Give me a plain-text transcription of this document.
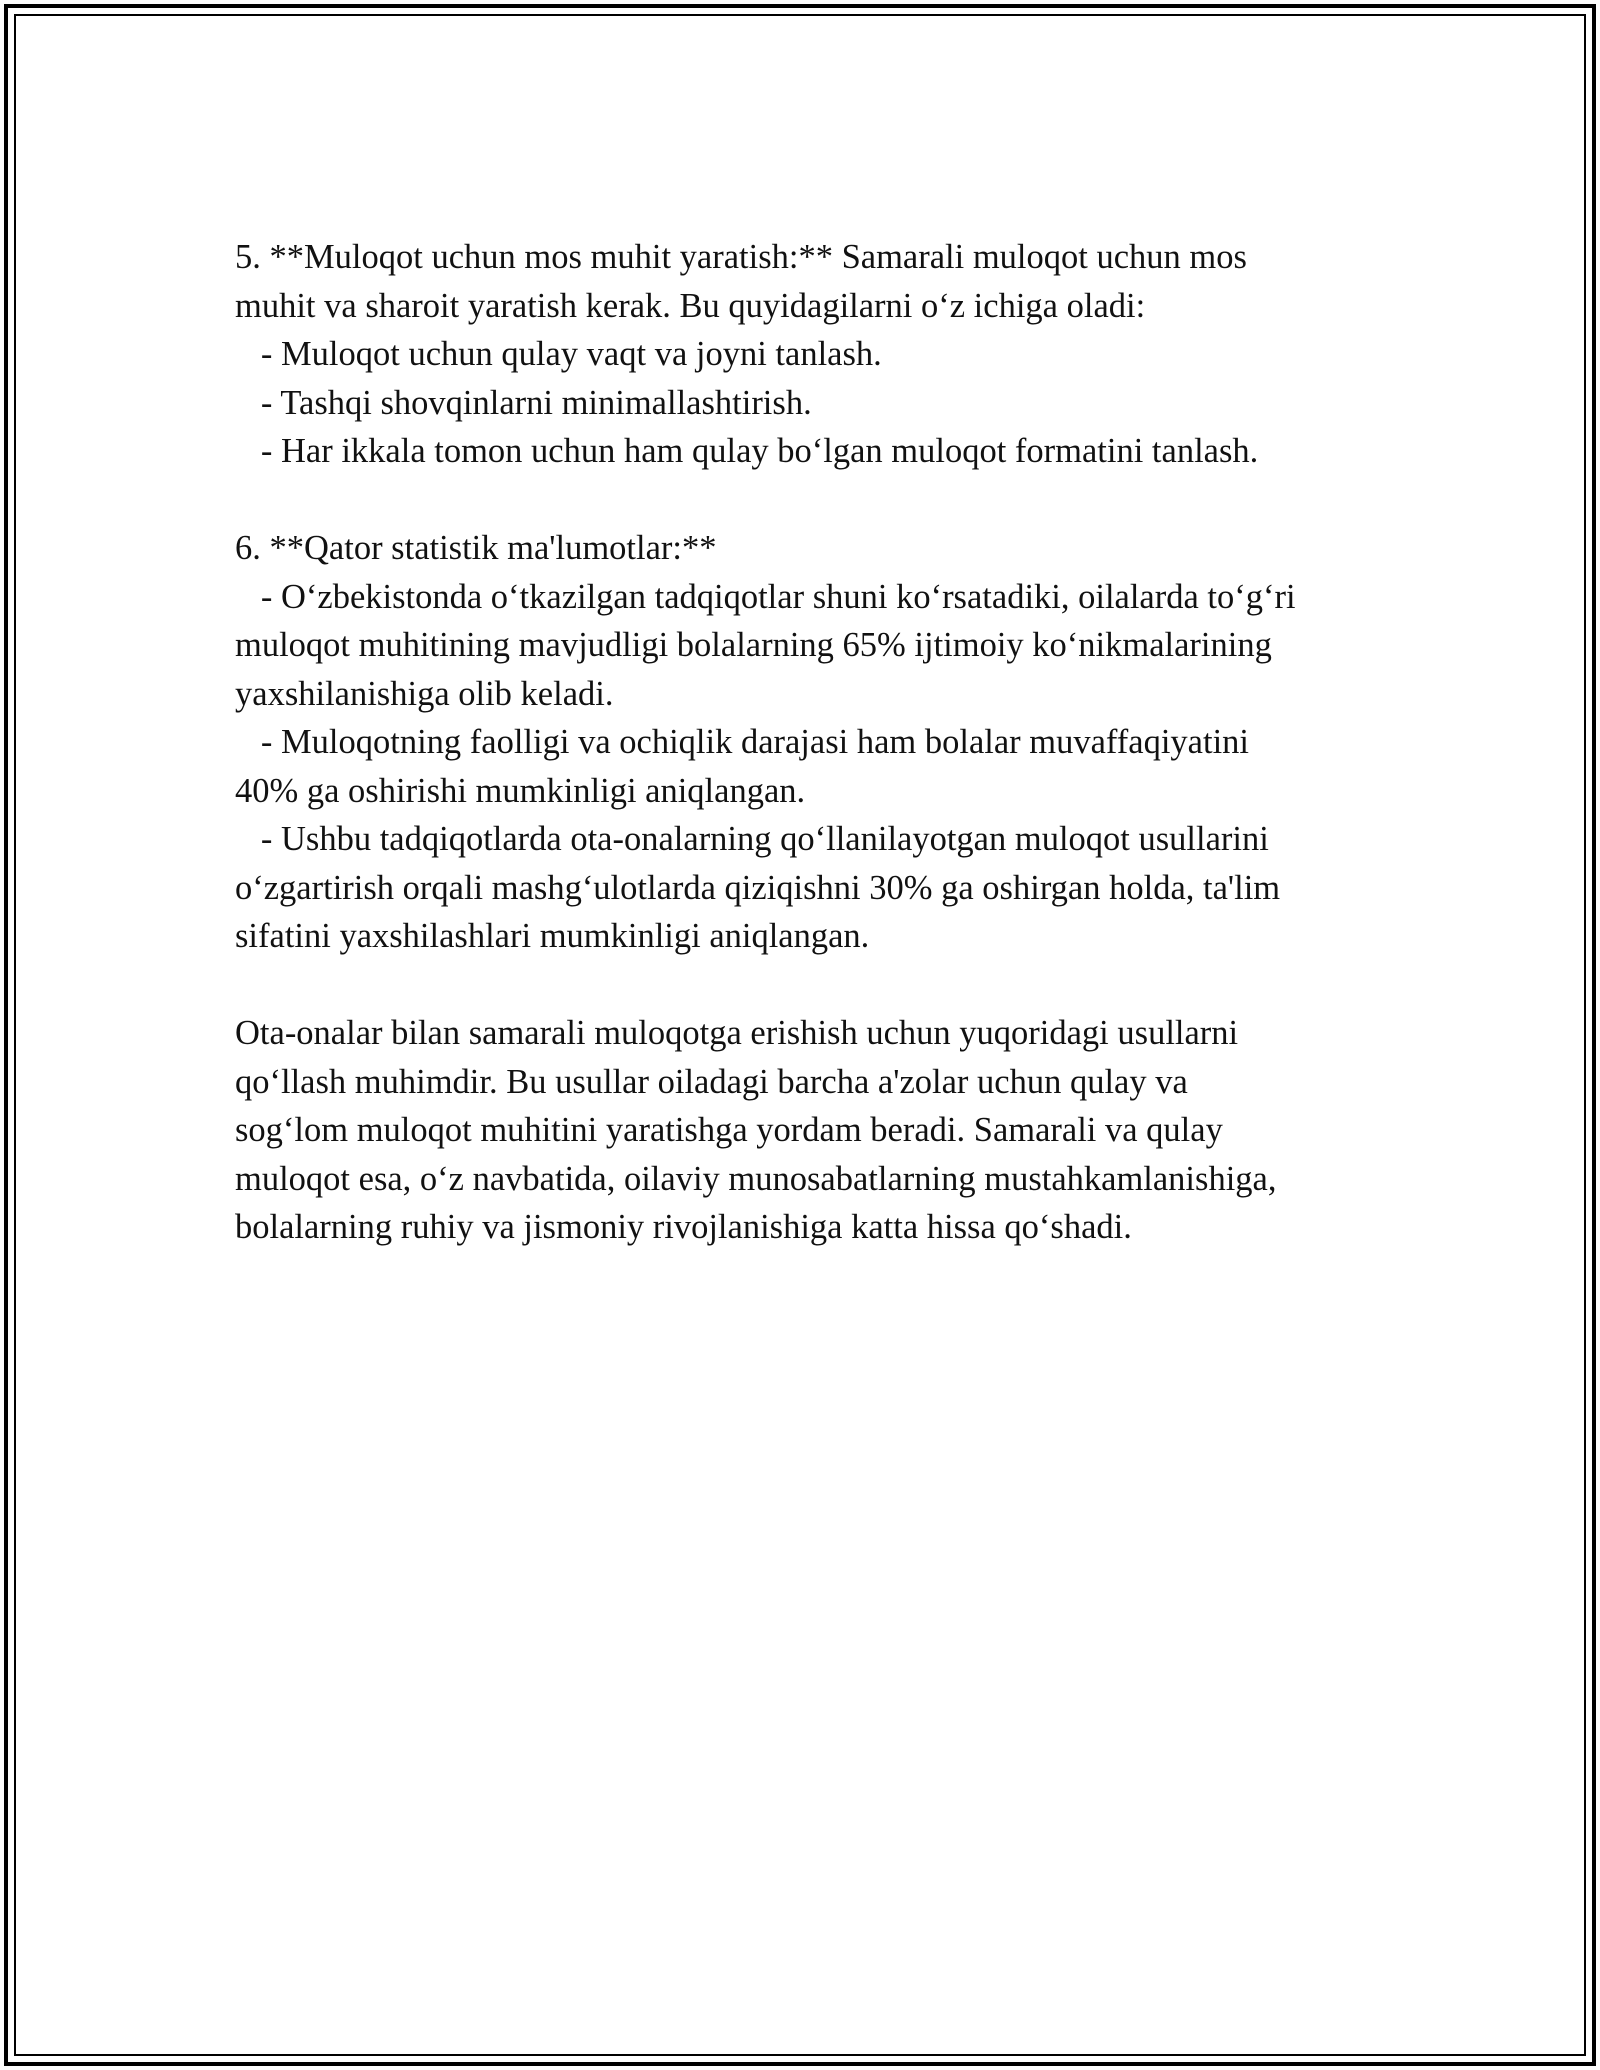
5. **Muloqot uchun mos muhit yaratish:** Samarali muloqot uchun mos
muhit va sharoit yaratish kerak. Bu quyidagilarni oʻz ichiga oladi:
- Muloqot uchun qulay vaqt va joyni tanlash.
- Tashqi shovqinlarni minimallashtirish.
- Har ikkala tomon uchun ham qulay boʻlgan muloqot formatini tanlash.
6. **Qator statistik ma'lumotlar:**
- Oʻzbekistonda oʻtkazilgan tadqiqotlar shuni koʻrsatadiki, oilalarda toʻgʻri
muloqot muhitining mavjudligi bolalarning 65% ijtimoiy koʻnikmalarining
yaxshilanishiga olib keladi.
- Muloqotning faolligi va ochiqlik darajasi ham bolalar muvaffaqiyatini
40% ga oshirishi mumkinligi aniqlangan.
- Ushbu tadqiqotlarda ota-onalarning qoʻllanilayotgan muloqot usullarini
oʻzgartirish orqali mashgʻulotlarda qiziqishni 30% ga oshirgan holda, ta'lim
sifatini yaxshilashlari mumkinligi aniqlangan.
Ota-onalar bilan samarali muloqotga erishish uchun yuqoridagi usullarni
qoʻllash muhimdir. Bu usullar oiladagi barcha a'zolar uchun qulay va
sogʻlom muloqot muhitini yaratishga yordam beradi. Samarali va qulay
muloqot esa, oʻz navbatida, oilaviy munosabatlarning mustahkamlanishiga,
bolalarning ruhiy va jismoniy rivojlanishiga katta hissa qoʻshadi.
